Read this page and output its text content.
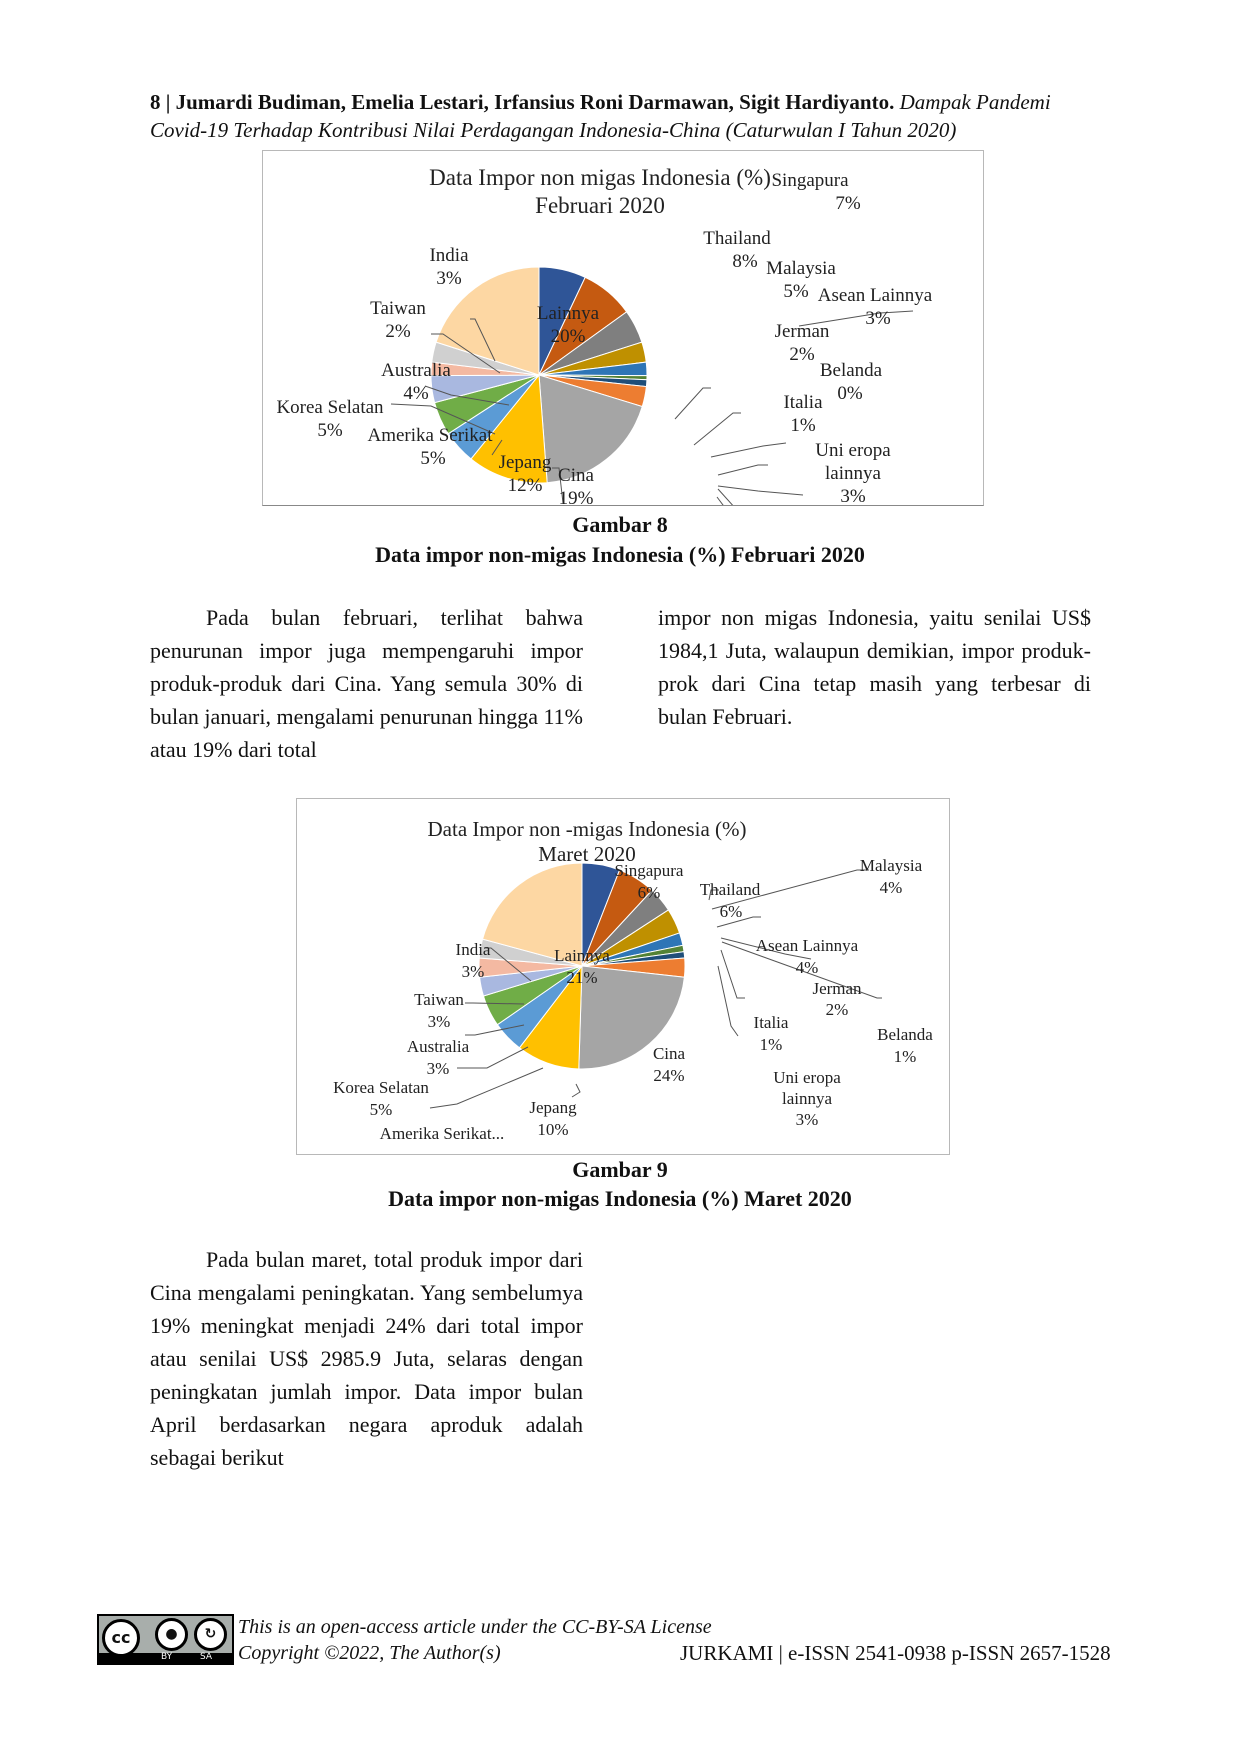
8 | Jumardi Budiman, Emelia Lestari, Irfansius Roni Darmawan, Sigit Hardiyanto. Dampak Pandemi
Covid-19 Terhadap Kontribusi Nilai Perdagangan Indonesia-China (Caturwulan I Tahun 2020)
Data Impor non migas Indonesia (%)
Februari 2020
Singapura
7%
Thailand
8% Malaysia
5% Asean Lainnya
3%
Jerman
2%
Belanda
0%
Italia
1%
Uni eropa
lainnya
3%
Cina
19%
Jepang
12%
Amerika Serikat
5%
Korea Selatan
5%
Australia
4%
Taiwan
2%
India
3%
Lainnya
20%
Gambar 8
Data impor non-migas Indonesia (%) Februari 2020
Pada bulan februari, terlihat bahwa penurunan impor juga mempengaruhi impor produk-produk dari Cina. Yang semula 30% di bulan januari, mengalami penurunan hingga 11% atau 19% dari total
impor non migas Indonesia, yaitu senilai US$ 1984,1 Juta, walaupun demikian, impor produk-prok dari Cina tetap masih yang terbesar di bulan Februari.
Data Impor non -migas Indonesia (%)
Maret 2020
Singapura
6% Thailand
6%
Malaysia
4%
Asean Lainnya
4%
Jerman
2%
Belanda
1%
Italia
1%
Uni eropa
lainnya
3%
Cina
24%
Jepang
10%
Amerika Serikat...
Korea Selatan
5%
Australia
3%
Taiwan
3%
India
3%
Lainnya
21%
Gambar 9
Data impor non-migas Indonesia (%) Maret 2020
Pada bulan maret, total produk impor dari Cina mengalami peningkatan. Yang sembelumya 19% meningkat menjadi 24% dari total impor atau senilai US$ 2985.9 Juta, selaras dengan peningkatan jumlah impor. Data impor bulan April berdasarkan negara aproduk adalah sebagai berikut
cc	●	↻
BY	SA
This is an open-access article under the CC-BY-SA License
Copyright ©2022, The Author(s)	JURKAMI | e-ISSN 2541-0938 p-ISSN 2657-1528
